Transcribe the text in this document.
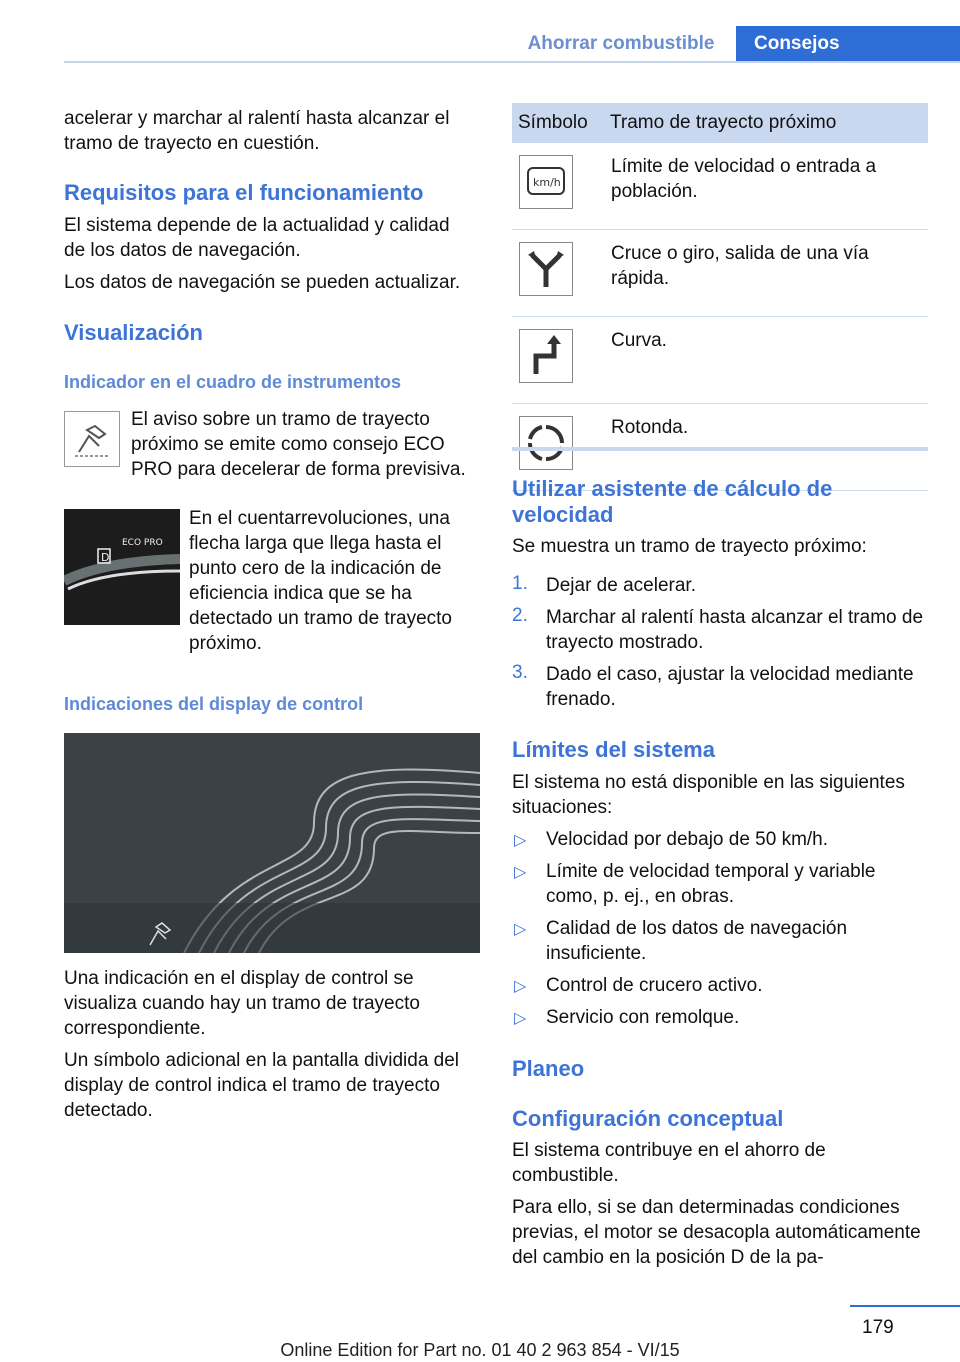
Ahorrar combustible	Consejos

acelerar y marchar al ralentí hasta alcanzar el tramo de trayecto en cuestión.

Requisitos para el funcionamiento

El sistema depende de la actualidad y calidad de los datos de navegación.

Los datos de navegación se pueden actualizar.

Visualización
Indicador en el cuadro de instrumentos

El aviso sobre un tramo de trayecto próximo se emite como consejo ECO PRO para decelerar de forma previsiva.

D
ECO PRO

En el cuentarrevoluciones, una flecha larga que llega hasta el punto cero de la indicación de eficiencia indica que se ha detectado un tramo de trayecto próximo.

Indicaciones del display de control

Una indicación en el display de control se visualiza cuando hay un tramo de trayecto correspondiente.

Un símbolo adicional en la pantalla dividida del display de control indica el tramo de trayecto detectado.

Símbolo	Tramo de trayecto próximo

km/h	Límite de velocidad o entrada a población.

	Cruce o giro, salida de una vía rápida.

	Curva.

	Rotonda.
Utilizar asistente de cálculo de velocidad

Se muestra un tramo de trayecto próximo:

1. Dejar de acelerar.

2. Marchar al ralentí hasta alcanzar el tramo de trayecto mostrado.

3. Dado el caso, ajustar la velocidad mediante frenado.

Límites del sistema

El sistema no está disponible en las siguientes situaciones:

▷ Velocidad por debajo de 50 km/h.

▷ Límite de velocidad temporal y variable como, p. ej., en obras.

▷ Calidad de los datos de navegación insuficiente.

▷ Control de crucero activo.

▷ Servicio con remolque.

Planeo
Configuración conceptual

El sistema contribuye en el ahorro de combustible.

Para ello, si se dan determinadas condiciones previas, el motor se desacopla automáticamente del cambio en la posición D de la pa-

179
Online Edition for Part no. 01 40 2 963 854 - VI/15
